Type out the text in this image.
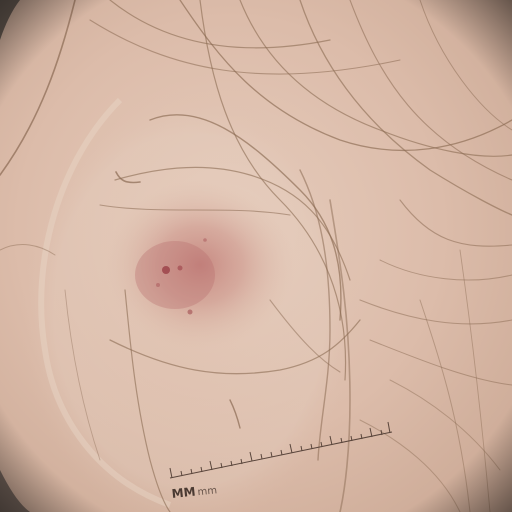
MMmm
